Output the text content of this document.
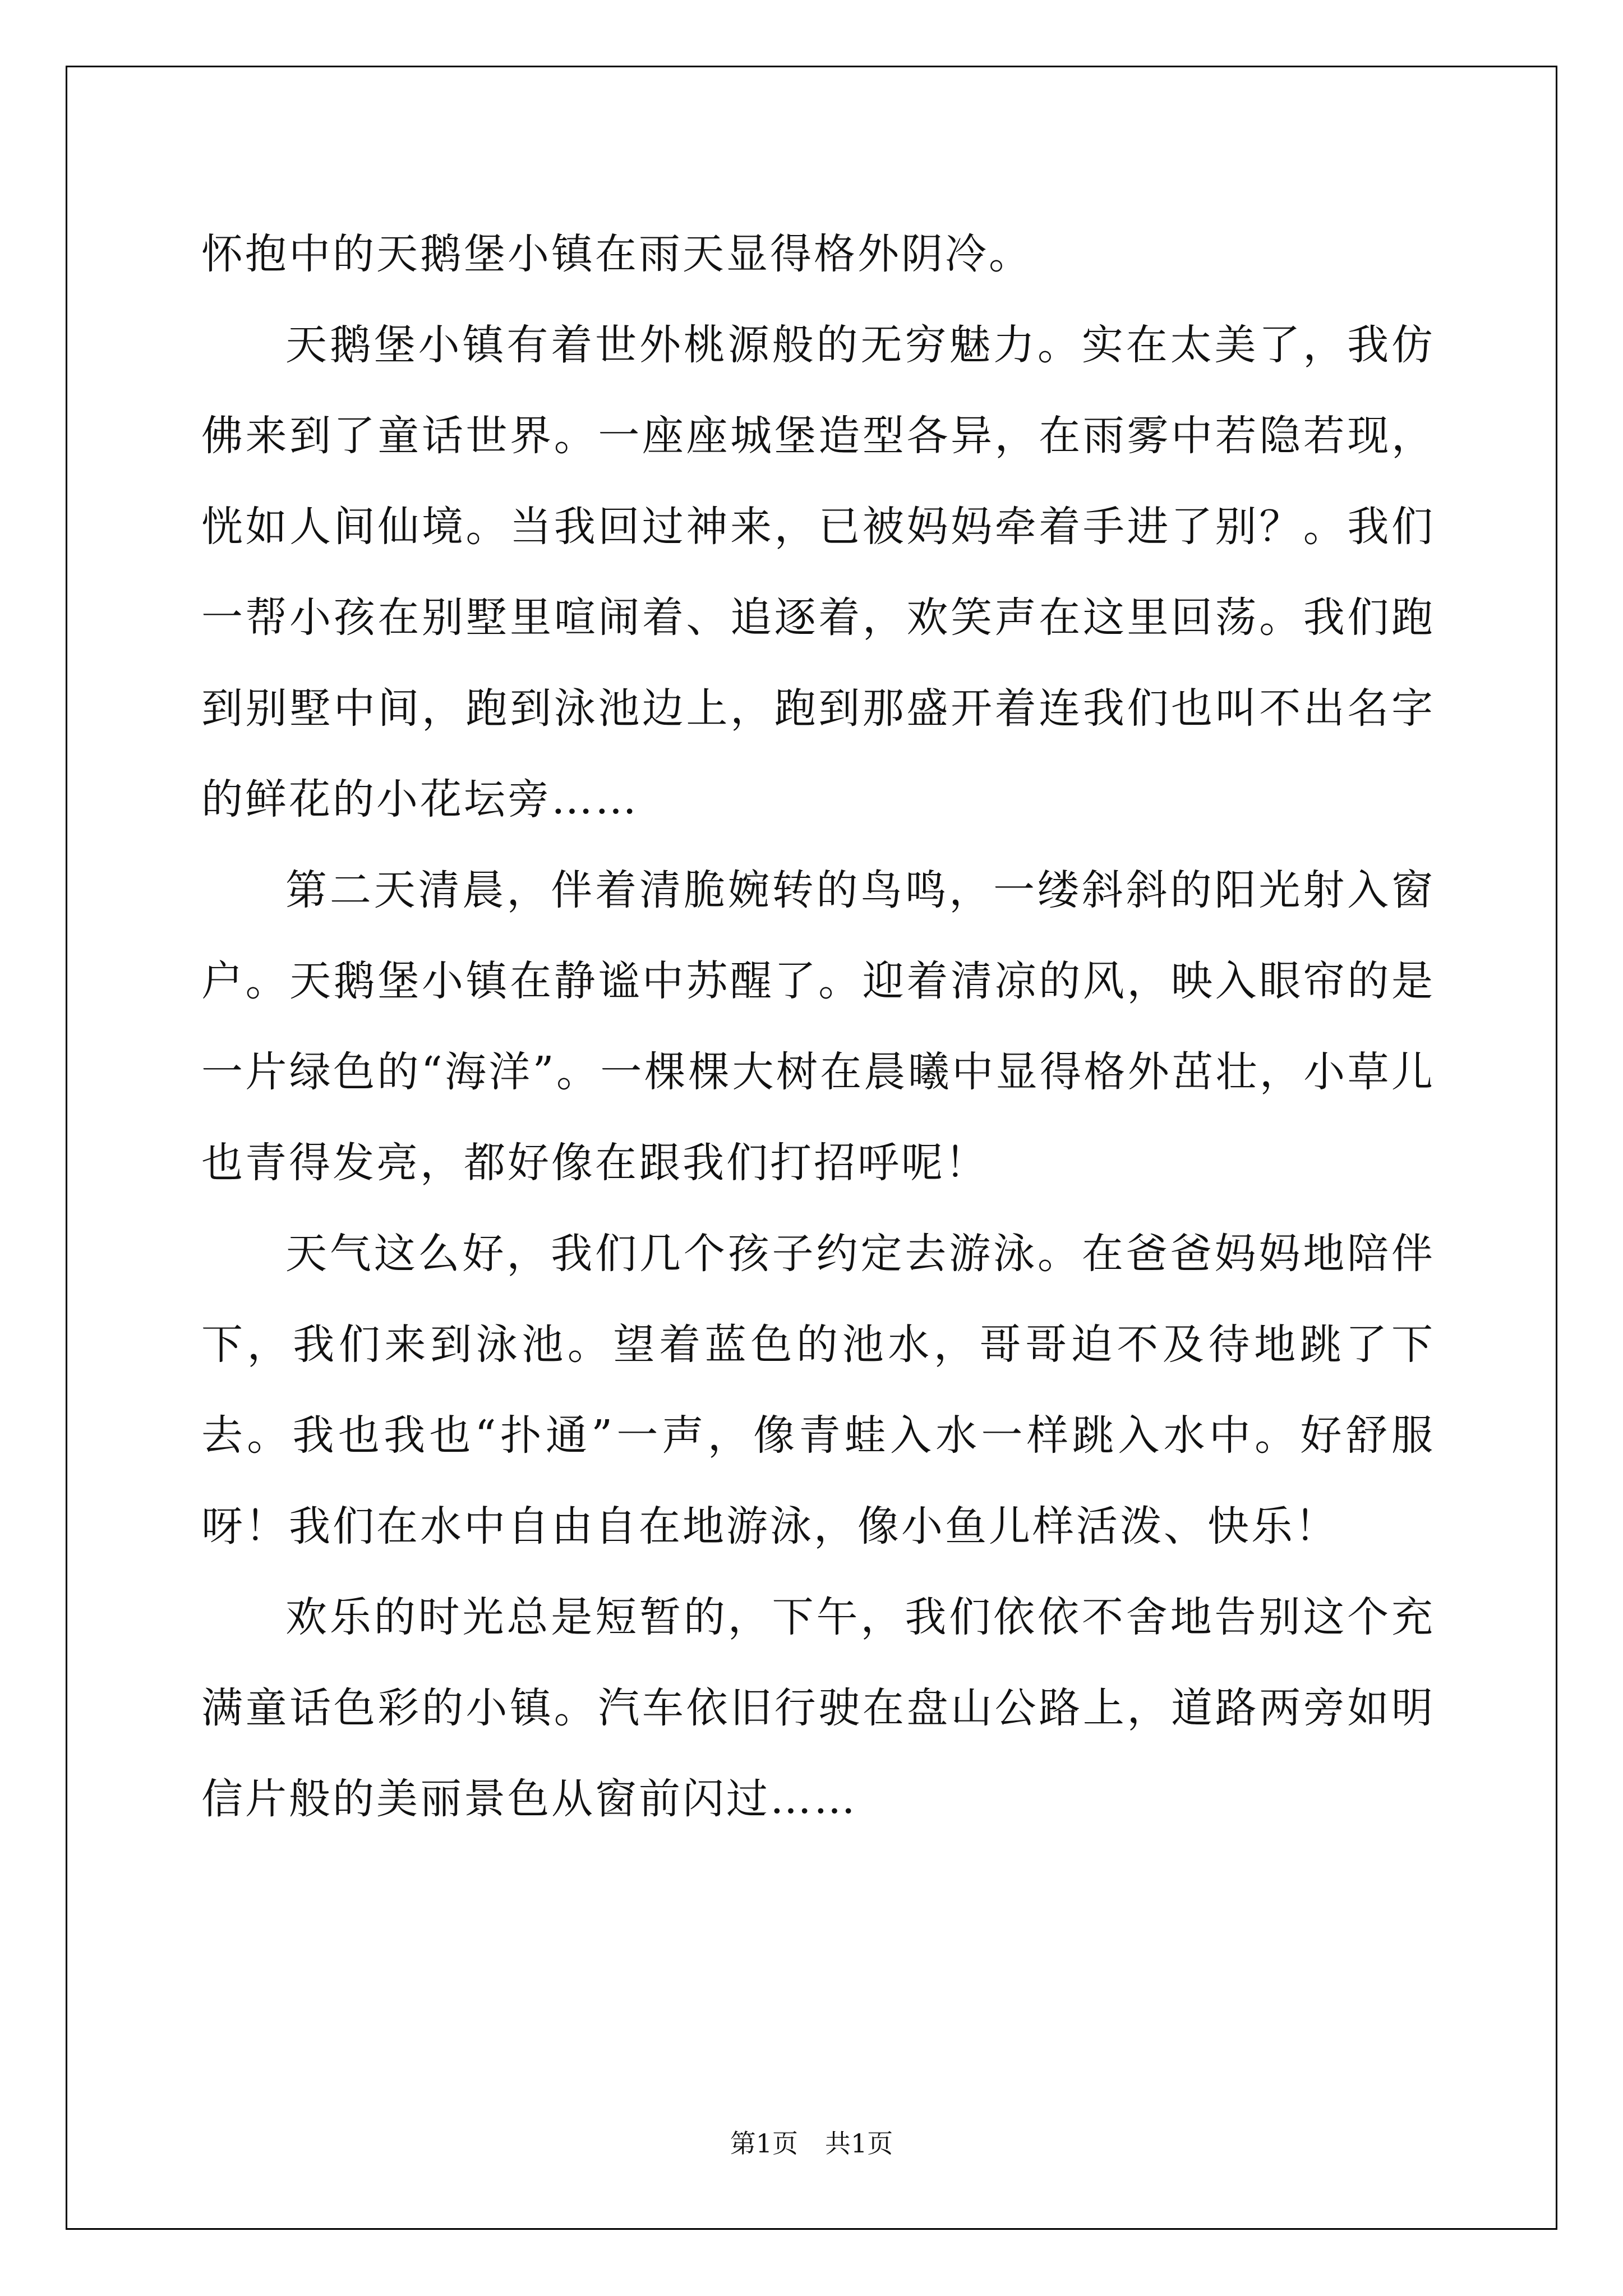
怀抱中的天鹅堡小镇在雨天显得格外阴冷。

天鹅堡小镇有着世外桃源般的无穷魅力。实在太美了，我仿佛来到了童话世界。一座座城堡造型各异，在雨雾中若隐若现，恍如人间仙境。当我回过神来，已被妈妈牵着手进了别？。我们一帮小孩在别墅里喧闹着、追逐着，欢笑声在这里回荡。我们跑到别墅中间，跑到泳池边上，跑到那盛开着连我们也叫不出名字的鲜花的小花坛旁……

第二天清晨，伴着清脆婉转的鸟鸣，一缕斜斜的阳光射入窗户。天鹅堡小镇在静谧中苏醒了。迎着清凉的风，映入眼帘的是一片绿色的“海洋”。一棵棵大树在晨曦中显得格外茁壮，小草儿也青得发亮，都好像在跟我们打招呼呢！

天气这么好，我们几个孩子约定去游泳。在爸爸妈妈地陪伴下，我们来到泳池。望着蓝色的池水，哥哥迫不及待地跳了下去。我也我也“扑通”一声，像青蛙入水一样跳入水中。好舒服呀！我们在水中自由自在地游泳，像小鱼儿样活泼、快乐！

欢乐的时光总是短暂的，下午，我们依依不舍地告别这个充满童话色彩的小镇。汽车依旧行驶在盘山公路上，道路两旁如明信片般的美丽景色从窗前闪过……

第1页 共1页
